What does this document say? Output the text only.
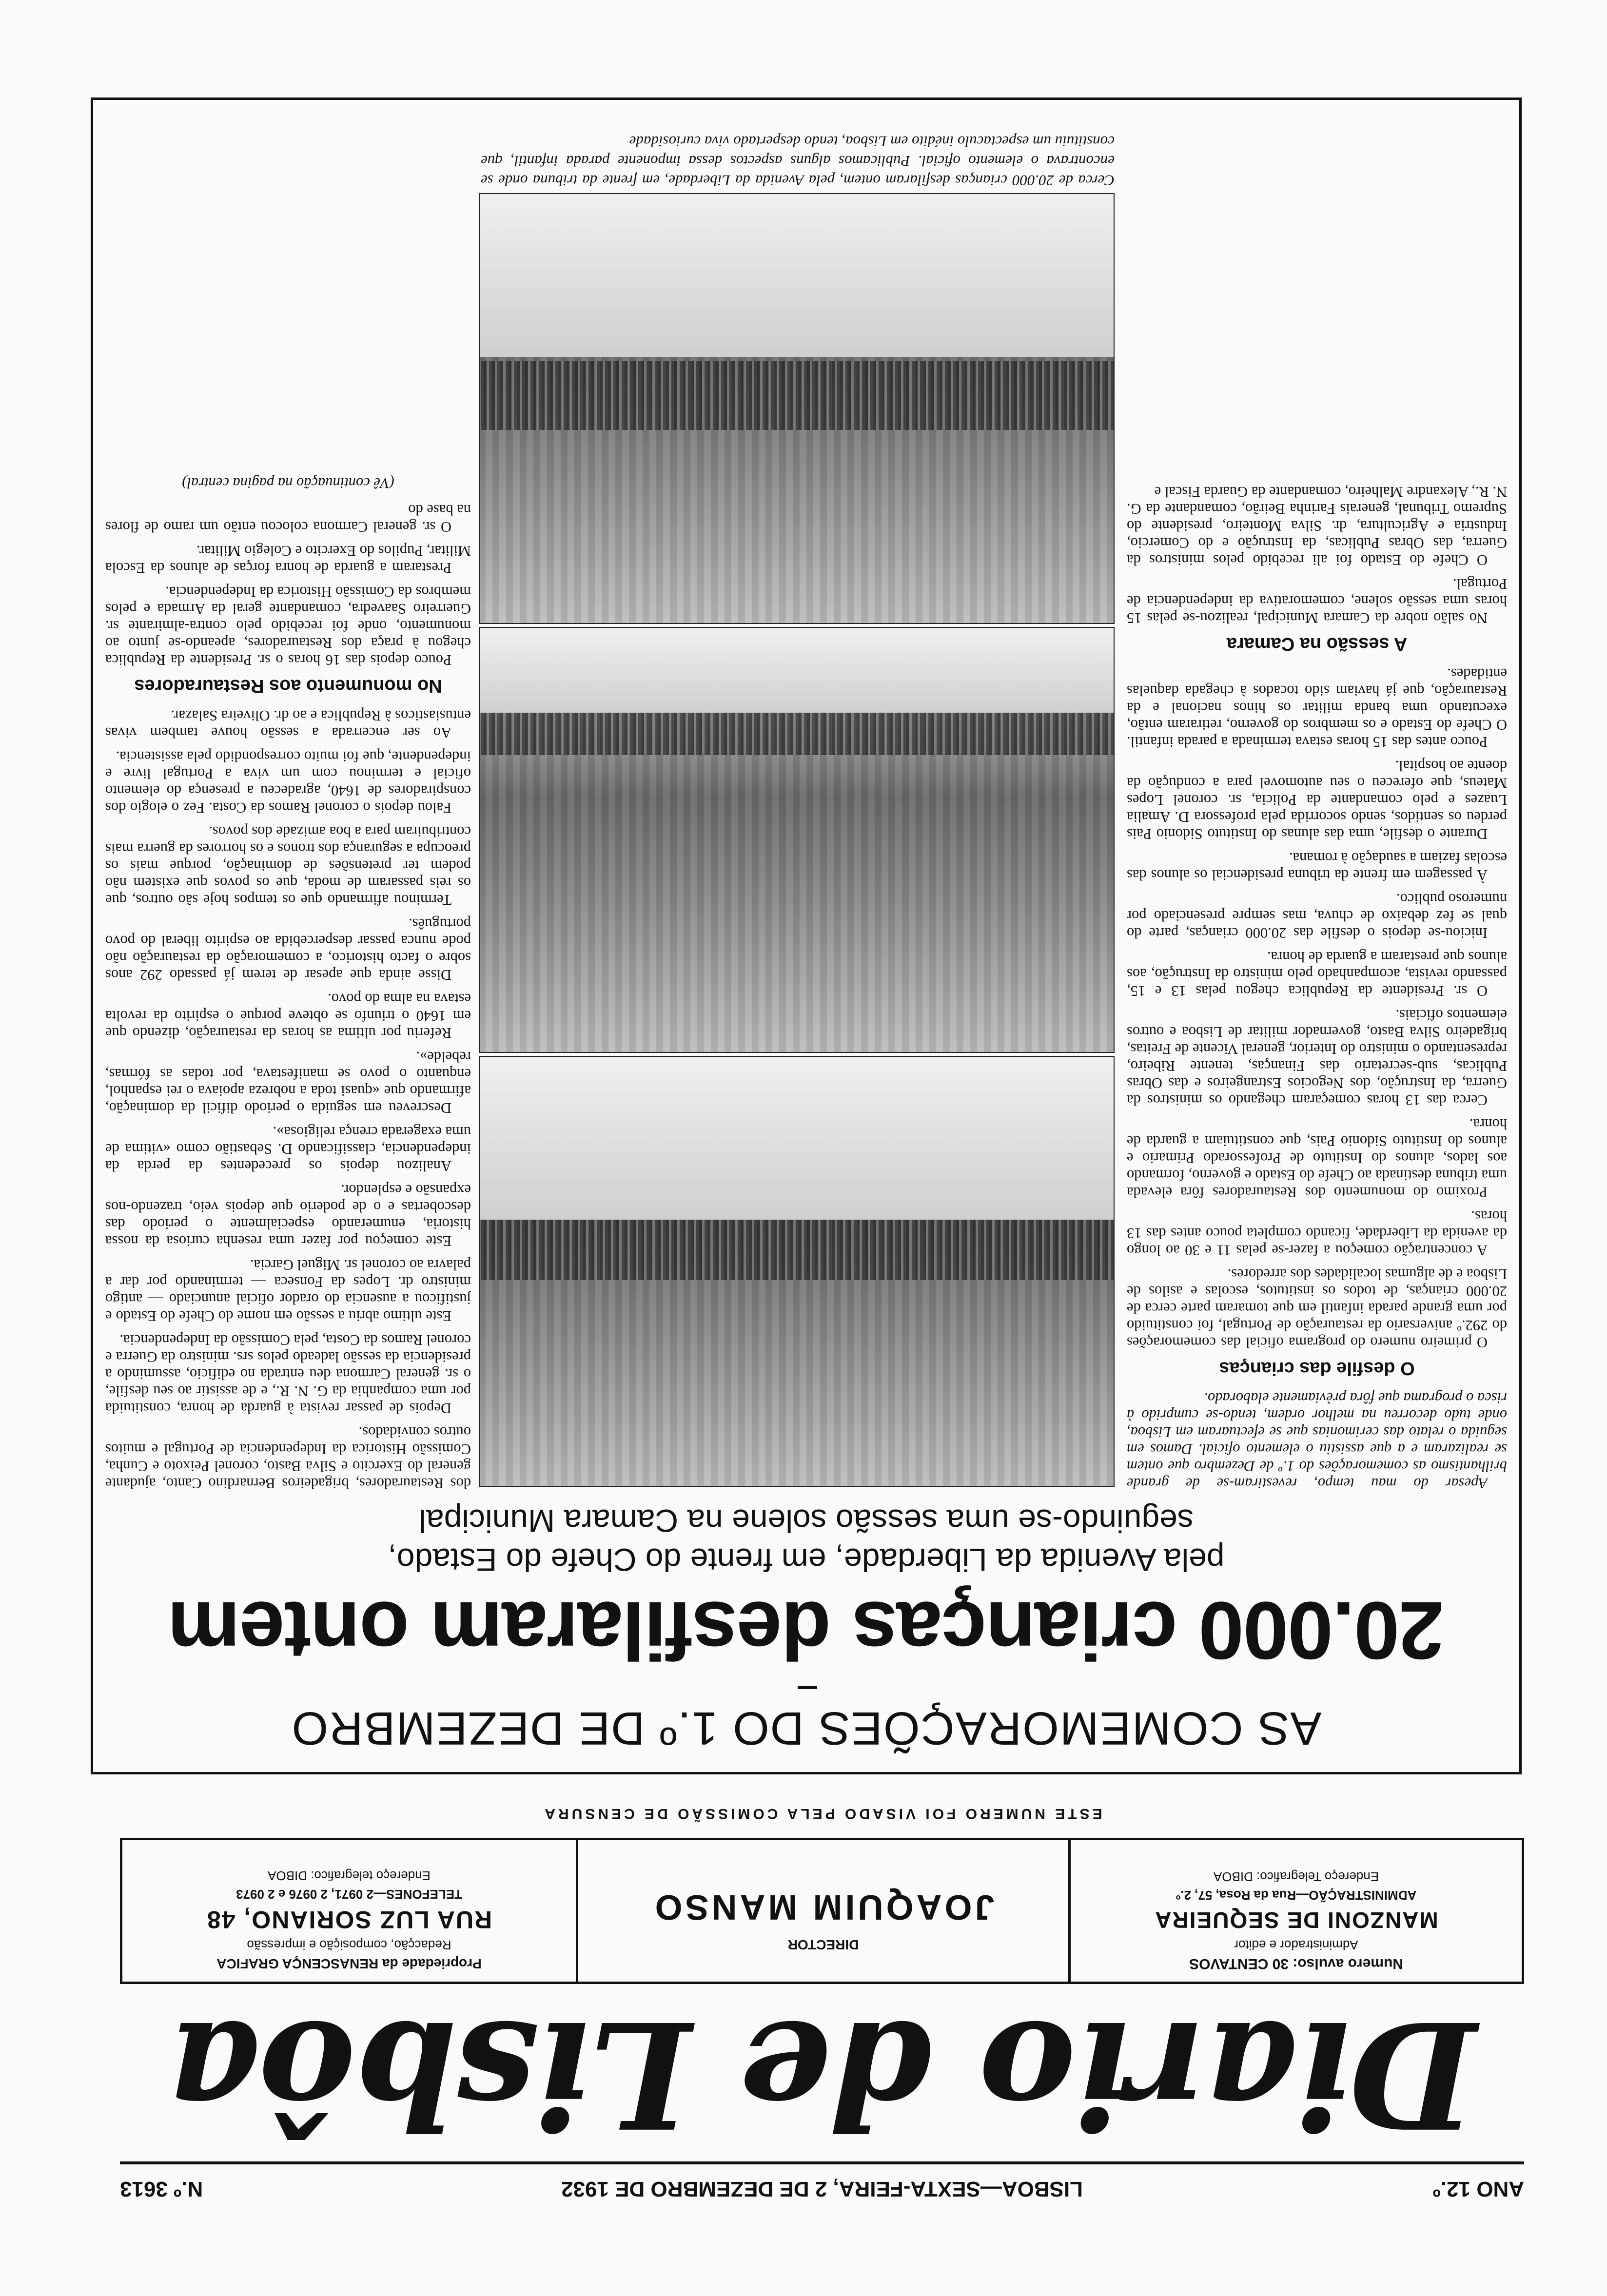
ANO 12.º
LISBOA—SEXTA-FEIRA, 2 DE DEZEMBRO DE 1932
N.º 3613
Diario de Lisbôa
Numero avulso: 30 CENTAVOS
Administrador e editor
MANZONI DE SEQUEIRA
ADMINISTRAÇÃO—Rua da Rosa, 57, 2.º
Endereço Telegrafico: DIBOA
DIRECTOR
JOAQUIM MANSO
Propriedade da RENASCENÇA GRAFICA
Redacção, composição e impressão
RUA LUZ SORIANO, 48
TELEFONES—2 0971, 2 0976 e 2 0973
Endereço telegrafico: DIBOA
ESTE NUMERO FOI VISADO PELA COMISSÃO DE CENSURA
AS COMEMORAÇÕES DO 1.º DE DEZEMBRO
20.000 crianças desfilaram ontem
pela Avenida da Liberdade, em frente do Chefe do Estado,
seguindo-se uma sessão solene na Camara Municipal

Apesar do mau tempo, revestiram-se de grande brilhantismo as comemorações do 1.º de Dezembro que ontem se realizaram e a que assistiu o elemento oficial. Damos em seguida o relato das cerimonias que se efectuaram em Lisboa, onde tudo decorreu na melhor ordem, tendo-se cumprido à risca o programa que fôra prèviamente elaborado.

O desfile das crianças

O primeiro numero do programa oficial das comemorações do 292.º aniversario da restauração de Portugal, foi constituido por uma grande parada infantil em que tomaram parte cerca de 20.000 crianças, de todos os institutos, escolas e asilos de Lisboa e de algumas localidades dos arredores.

A concentração começou a fazer-se pelas 11 e 30 ao longo da avenida da Liberdade, ficando completa pouco antes das 13 horas.

Proximo do monumento dos Restauradores fôra elevada uma tribuna destinada ao Chefe do Estado e governo, formando aos lados, alunos do Instituto de Professorado Primario e alunos do Instituto Sidonio Pais, que constituiam a guarda de honra.

Cerca das 13 horas começaram chegando os ministros da Guerra, da Instrução, dos Negocios Estrangeiros e das Obras Publicas, sub-secretario das Finanças, tenente Ribeiro, representando o ministro do Interior, general Vicente de Freitas, brigadeiro Silva Basto, governador militar de Lisboa e outros elementos oficiais.

O sr. Presidente da Republica chegou pelas 13 e 15, passando revista, acompanhado pelo ministro da Instrução, aos alunos que prestaram a guarda de honra.

Iniciou-se depois o desfile das 20.000 crianças, parte do qual se fez debaixo de chuva, mas sempre presenciado por numeroso publico.

À passagem em frente da tribuna presidencial os alunos das escolas faziam a saudação à romana.

Durante o desfile, uma das alunas do Instituto Sidonio Pais perdeu os sentidos, sendo socorrida pela professora D. Amalia Luazes e pelo comandante da Policia, sr. coronel Lopes Mateus, que ofereceu o seu automovel para a condução da doente ao hospital.

Pouco antes das 15 horas estava terminada a parada infantil. O Chefe do Estado e os membros do governo, retiraram então, executando uma banda militar os hinos nacional e da Restauração, que já haviam sido tocados à chegada daquelas entidades.

A sessão na Camara

No salão nobre da Camara Municipal, realizou-se pelas 15 horas uma sessão solene, comemorativa da independencia de Portugal.

O Chefe do Estado foi ali recebido pelos ministros da Guerra, das Obras Publicas, da Instrução e do Comercio, Industria e Agricultura, dr. Silva Monteiro, presidente do Supremo Tribunal, generais Farinha Beirão, comandante da G. N. R., Alexandre Malheiro, comandante da Guarda Fiscal e

Cerca de 20.000 crianças desfilaram ontem, pela Avenida da Liberdade, em frente da tribuna onde se encontrava o elemento oficial. Publicamos alguns aspectos dessa imponente parada infantil, que constituiu um espectaculo inédito em Lisboa, tendo despertado viva curiosidade

dos Restauradores, brigadeiros Bernardino Canto, ajudante general do Exercito e Silva Basto, coronel Peixoto e Cunha, Comissão Historica da Independencia de Portugal e muitos outros convidados.

Depois de passar revista à guarda de honra, constituida por uma companhia da G. N. R., e de assistir ao seu desfile, o sr. general Carmona deu entrada no edificio, assumindo a presidencia da sessão ladeado pelos srs. ministro da Guerra e coronel Ramos da Costa, pela Comissão da Independencia.

Este ultimo abriu a sessão em nome do Chefe do Estado e justificou a ausencia do orador oficial anunciado — antigo ministro dr. Lopes da Fonseca — terminando por dar a palavra ao coronel sr. Miguel Garcia.

Este começou por fazer uma resenha curiosa da nossa historia, enumerando especialmente o periodo das descobertas e o de poderio que depois veio, trazendo-nos expansão e esplendor.

Analizou depois os precedentes da perda da independencia, classificando D. Sebastião como «vitima de uma exagerada crença religiosa».

Descreveu em seguida o periodo dificil da dominação, afirmando que «quasi toda a nobreza apoiava o rei espanhol, enquanto o povo se manifestava, por todas as fórmas, rebelde».

Referiu por ultima as horas da restauração, dizendo que em 1640 o triunfo se obteve porque o espirito da revolta estava na alma do povo.

Disse ainda que apesar de terem já passado 292 anos sobre o facto historico, a comemoração da restauração não pode nunca passar despercebida ao espirito liberal do povo português.

Terminou afirmando que os tempos hoje são outros, que os reis passaram de moda, que os povos que existem não podem ter pretensões de dominação, porque mais os preocupa a segurança dos tronos e os horrores da guerra mais contribuiram para a boa amizade dos povos.

Falou depois o coronel Ramos da Costa. Fez o elogio dos conspiradores de 1640, agradeceu a presença do elemento oficial e terminou com um viva a Portugal livre e independente, que foi muito correspondido pela assistencia.

Ao ser encerrada a sessão houve tambem vivas entusiasticos à Republica e ao dr. Oliveira Salazar.

No monumento aos Restauradores

Pouco depois das 16 horas o sr. Presidente da Republica chegou à praça dos Restauradores, apeando-se junto ao monumento, onde foi recebido pelo contra-almirante sr. Guerreiro Saavedra, comandante geral da Armada e pelos membros da Comissão Historica da Independencia.

Prestaram a guarda de honra forças de alunos da Escola Militar, Pupilos do Exercito e Colegio Militar.

O sr. general Carmona colocou então um ramo de flores na base do

(Vê continuação na pagina central)
